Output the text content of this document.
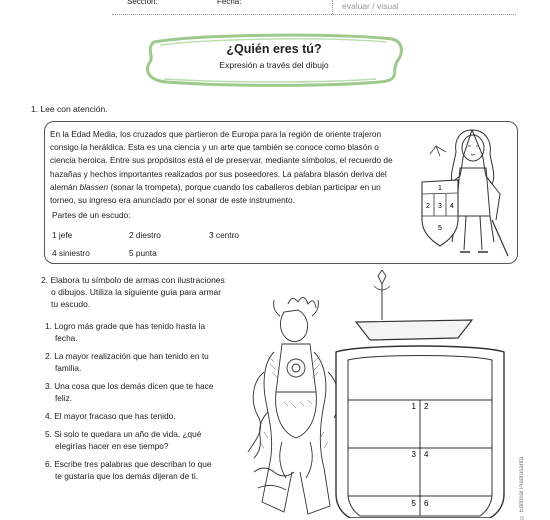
Sección:	Fecha:	evaluar / visual
¿Quién eres tú?
Expresión a través del dibujo
1. Lee con atención.
En la Edad Media, los cruzados que partieron de Europa para la región de oriente trajeron
consigo la heráldica. Esta es una ciencia y un arte que también se conoce como blasón o
ciencia heroica. Entre sus propósitos está el de preservar, mediante símbolos, el recuerdo de
hazañas y hechos importantes realizados por sus poseedores. La palabra blasón deriva del
alemán blassen (sonar la trompeta), porque cuando los caballeros debían participar en un
torneo, su ingreso era anunciado por el sonar de este instrumento.
Partes de un escudo:
1 jefe	2 diestro	3 centro
4 siniestro	5 punta
1
2 3 4
5
2. Elabora tu símbolo de armas con ilustraciones
o dibujos. Utiliza la siguiente guía para armar
tu escudo.
1. Logro más grade que has tenido hasta la
fecha.
2. La mayor realización que han tenido en tu
familia.
3. Una cosa que los demás dicen que te hace
feliz.
4. El mayor fracaso que has tenido.
5. Si solo te quedara un año de vida, ¿qué
elegirías hacer en ese tiempo?
6. Escribe tres palabras que describan lo que
te gustaría que los demás dijeran de ti.
1 2
3 4
5 6	© Editorial Piedrasanta
